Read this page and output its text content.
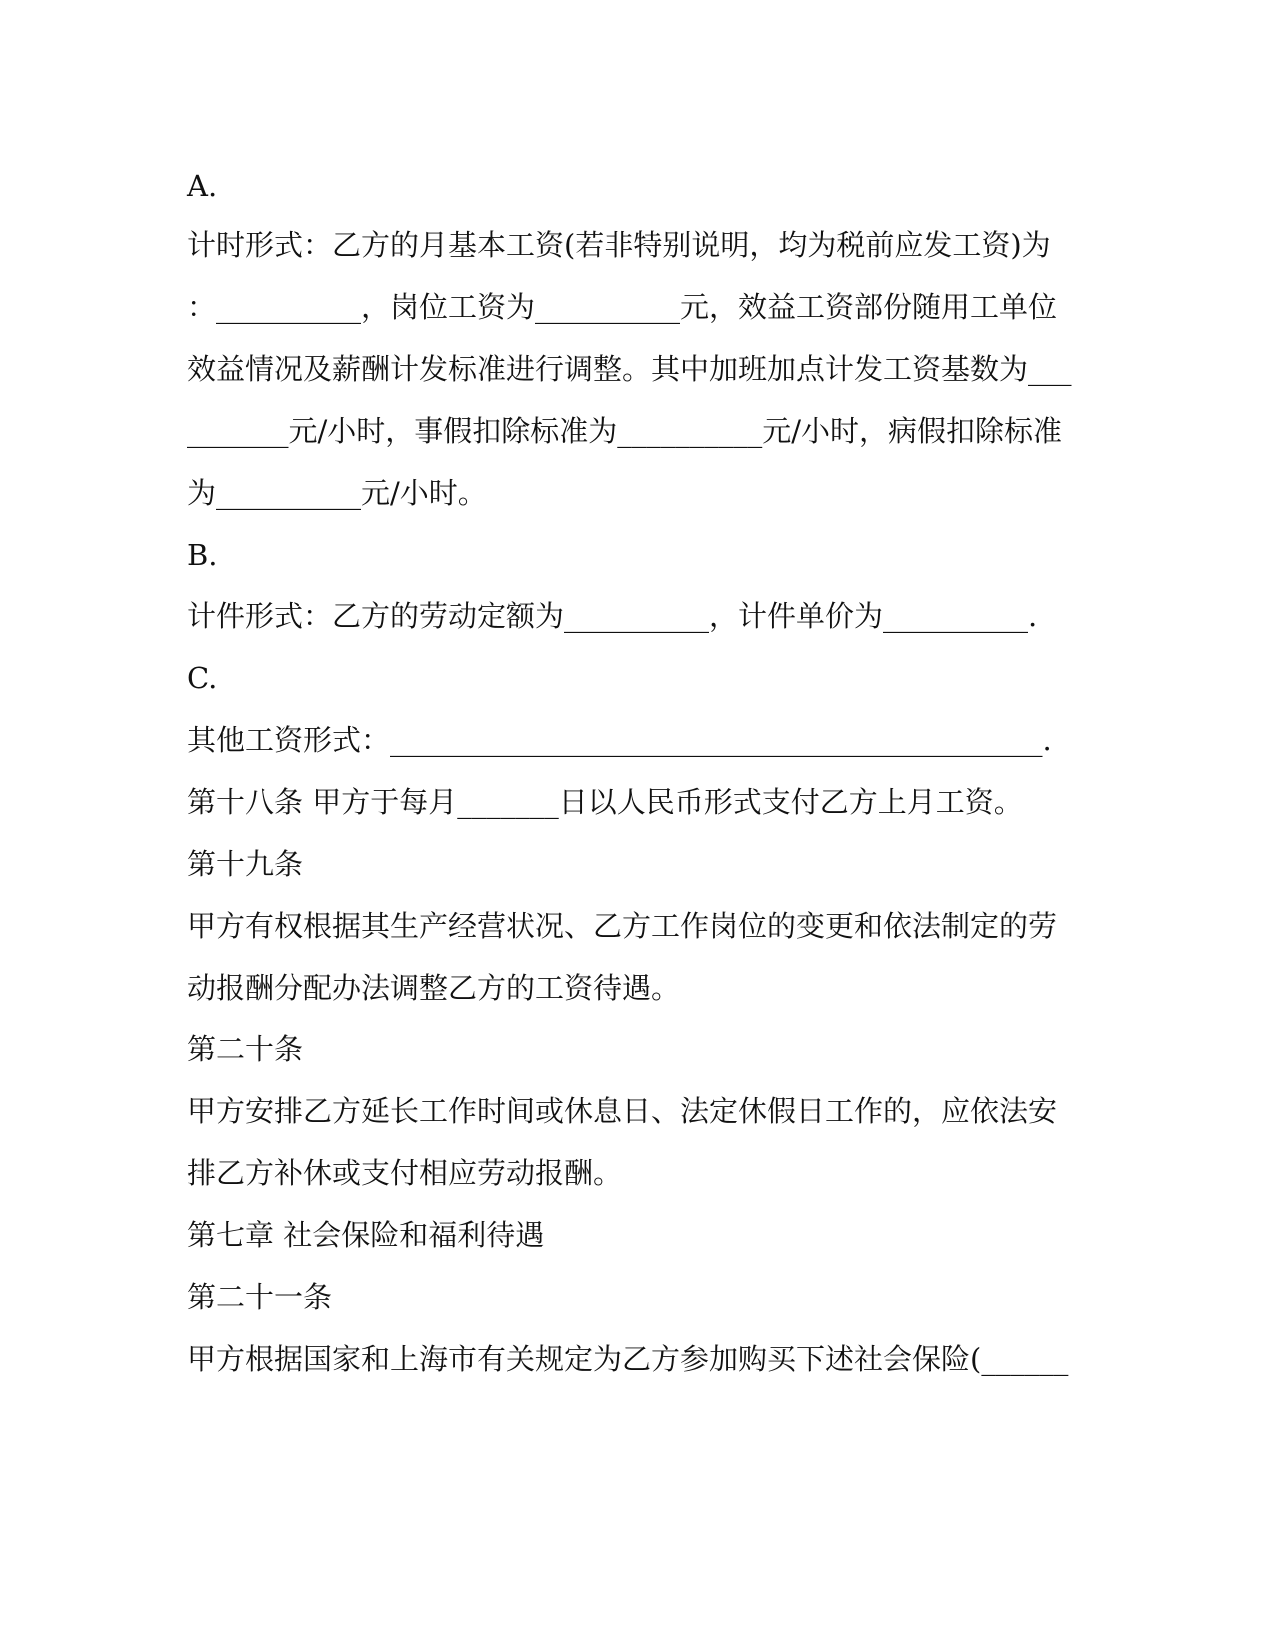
A.
计时形式：乙方的月基本工资(若非特别说明，均为税前应发工资)为
：__________，岗位工资为__________元，效益工资部份随用工单位
效益情况及薪酬计发标准进行调整。其中加班加点计发工资基数为___
_______元/小时，事假扣除标准为__________元/小时，病假扣除标准
为__________元/小时。
B.
计件形式：乙方的劳动定额为__________，计件单价为__________.
C.
其他工资形式：_____________________________________________.
第十八条 甲方于每月_______日以人民币形式支付乙方上月工资。
第十九条
甲方有权根据其生产经营状况、乙方工作岗位的变更和依法制定的劳
动报酬分配办法调整乙方的工资待遇。
第二十条
甲方安排乙方延长工作时间或休息日、法定休假日工作的，应依法安
排乙方补休或支付相应劳动报酬。
第七章 社会保险和福利待遇
第二十一条
甲方根据国家和上海市有关规定为乙方参加购买下述社会保险(______
